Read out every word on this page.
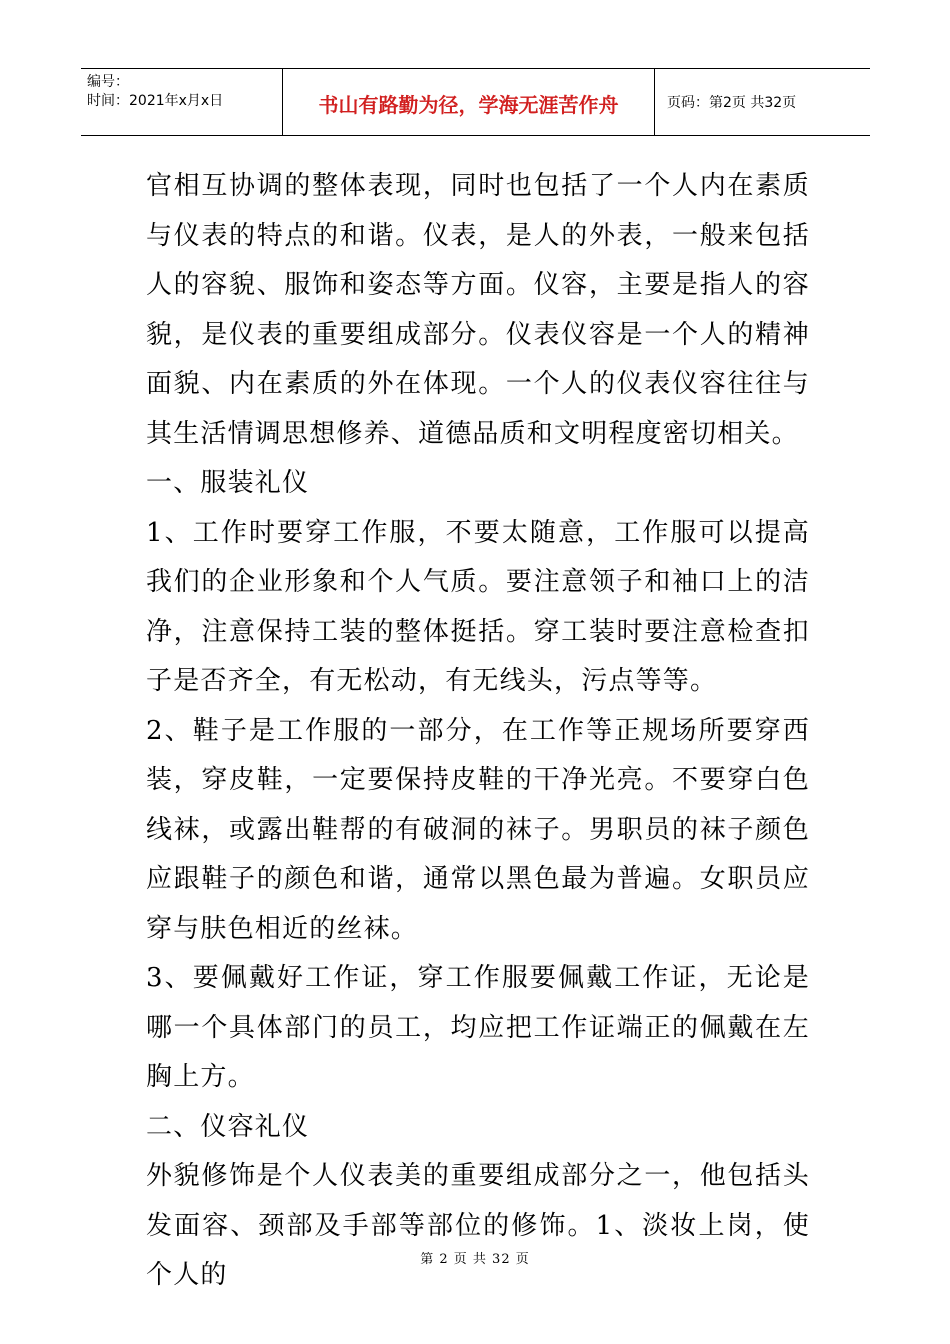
编号：
时间：2021年x月x日	书山有路勤为径，学海无涯苦作舟	页码：第2页 共32页

官相互协调的整体表现，同时也包括了一个人内在素质与仪表的特点的和谐。仪表，是人的外表，一般来包括人的容貌、服饰和姿态等方面。仪容，主要是指人的容貌，是仪表的重要组成部分。仪表仪容是一个人的精神面貌、内在素质的外在体现。一个人的仪表仪容往往与其生活情调思想修养、道德品质和文明程度密切相关。

一、服装礼仪

1、工作时要穿工作服，不要太随意，工作服可以提高我们的企业形象和个人气质。要注意领子和袖口上的洁净，注意保持工装的整体挺括。穿工装时要注意检查扣子是否齐全，有无松动，有无线头，污点等等。

2、鞋子是工作服的一部分，在工作等正规场所要穿西装，穿皮鞋，一定要保持皮鞋的干净光亮。不要穿白色线袜，或露出鞋帮的有破洞的袜子。男职员的袜子颜色应跟鞋子的颜色和谐，通常以黑色最为普遍。女职员应穿与肤色相近的丝袜。

3、要佩戴好工作证，穿工作服要佩戴工作证，无论是哪一个具体部门的员工，均应把工作证端正的佩戴在左胸上方。

二、仪容礼仪

外貌修饰是个人仪表美的重要组成部分之一，他包括头发面容、颈部及手部等部位的修饰。1、淡妆上岗，使个人的

第 2 页 共 32 页
